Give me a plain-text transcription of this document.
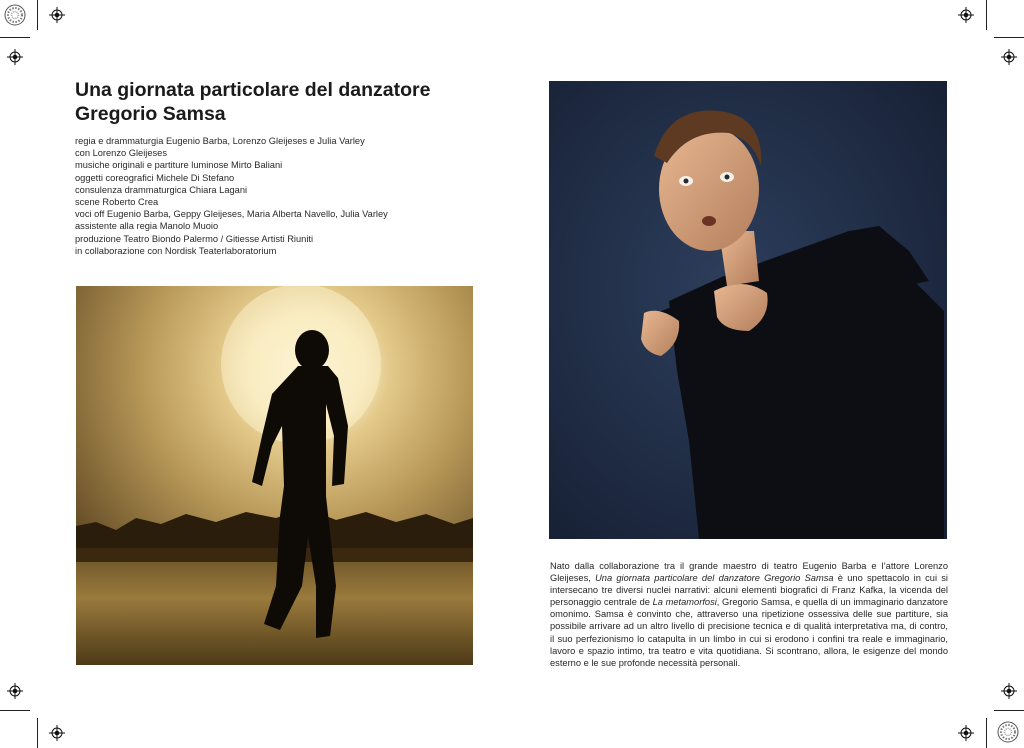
Una giornata particolare del danzatore
Gregorio Samsa
regia e drammaturgia Eugenio Barba, Lorenzo Gleijeses e Julia Varley
con Lorenzo Gleijeses
musiche originali e partiture luminose Mirto Baliani
oggetti coreografici Michele Di Stefano
consulenza drammaturgica Chiara Lagani
scene Roberto Crea
voci off Eugenio Barba, Geppy Gleijeses, Maria Alberta Navello, Julia Varley
assistente alla regia Manolo Muoio
produzione Teatro Biondo Palermo / Gitiesse Artisti Riuniti
in collaborazione con Nordisk Teaterlaboratorium

Nato dalla collaborazione tra il grande maestro di teatro Eugenio Barba e l’attore Lorenzo Gleijeses, Una giornata particolare del danzatore Gregorio Samsa è uno spettacolo in cui si intersecano tre diversi nuclei narrativi: alcuni elementi biografici di Franz Kafka, la vicenda del personaggio centrale de La metamorfosi, Gregorio Samsa, e quella di un immaginario danzatore omonimo. Samsa è convinto che, attraverso una ripetizione ossessiva delle sue partiture, sia possibile arrivare ad un altro livello di precisione tecnica e di qualità interpretativa ma, di contro, il suo perfezionismo lo catapulta in un limbo in cui si erodono i confini tra reale e immaginario, lavoro e spazio intimo, tra teatro e vita quotidiana. Si scontrano, allora, le esigenze del mondo esterno e le sue profonde necessità personali.
